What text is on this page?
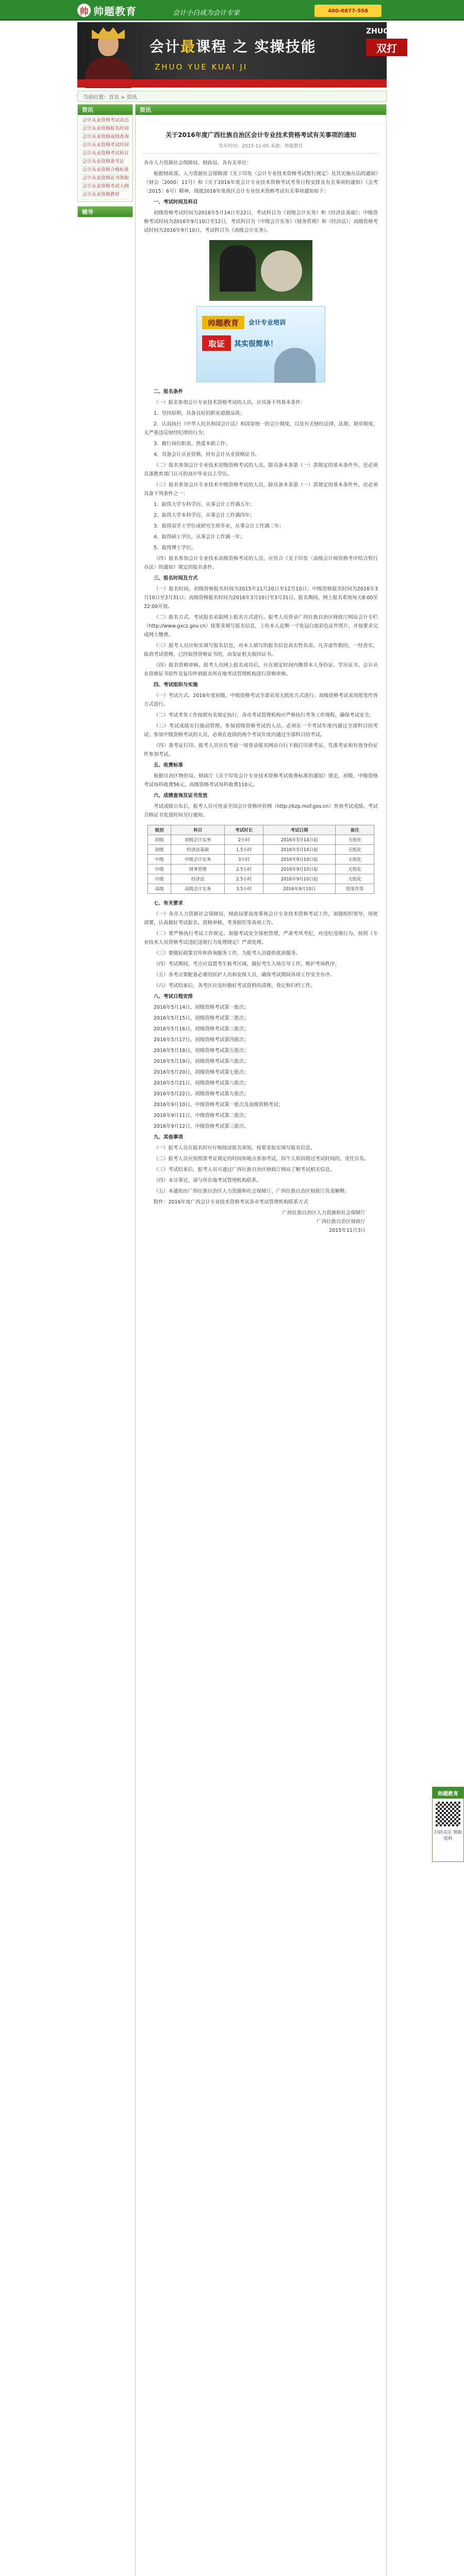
帅 帅题教育	会计小白成为会计专家	400-6877-558
会计最课程 之 实操技能
ZHUO YUE KUAI JI
ZHUO
双打
当前位置：首页 > 资讯
资讯
· 会计从业资格考试动态
· 会计从业资格报名时间
· 会计从业资格成绩查询
· 会计从业资格考试时间
· 会计从业资格考试科目
· 会计从业资格准考证
· 会计从业资格合格标准
· 会计从业资格证书领取
· 会计从业资格考试大纲
· 会计从业资格教材
辅导
资讯
关于2016年度广西壮族自治区会计专业技术资格考试有关事项的通知
发布时间：2015-11-05 来源：帅题教育

各市人力资源社会保障局、财政局，各有关单位：

根据财政部、人力资源社会保障部《关于印发〈会计专业技术资格考试暂行规定〉及其实施办法的通知》（财会〔2000〕11号）和《关于2016年度会计专业技术资格考试考务日程安排及有关事项的通知》（会考〔2015〕6号）精神，现就2016年度我区会计专业技术资格考试有关事项通知如下：

一、考试时间及科目

初级资格考试时间为2016年5月14日至22日，考试科目为《初级会计实务》和《经济法基础》；中级资格考试时间为2016年9月10日至12日，考试科目为《中级会计实务》《财务管理》和《经济法》；高级资格考试时间为2016年9月10日，考试科目为《高级会计实务》。

帅题教育	会计专业培训
取证	其实很简单！

二、报名条件

（一）报名参加会计专业技术资格考试的人员，应具备下列基本条件：

1．坚持原则，具备良好的职业道德品质；

2．认真执行《中华人民共和国会计法》和国家统一的会计制度，以及有关财经法律、法规、规章制度，无严重违反财经纪律的行为；

3．履行岗位职责，热爱本职工作；

4．具备会计从业资格，持有会计从业资格证书。

（二）报名参加会计专业技术初级资格考试的人员，除具备本条第（一）款规定的基本条件外，还必须具备教育部门认可的高中毕业以上学历。

（三）报名参加会计专业技术中级资格考试的人员，除具备本条第（一）款规定的基本条件外，还必须具备下列条件之一：

1．取得大学专科学历，从事会计工作满五年；

2．取得大学本科学历，从事会计工作满四年；

3．取得双学士学位或研究生班毕业，从事会计工作满二年；

4．取得硕士学位，从事会计工作满一年；

5．取得博士学位。

（四）报名参加会计专业技术高级资格考试的人员，应符合《关于印发〈高级会计师资格考评结合暂行办法〉的通知》规定的报名条件。

三、报名时间及方式

（一）报名时间。初级资格报名时间为2015年11月20日至12月10日；中级资格报名时间为2016年3月10日至3月31日；高级资格报名时间为2016年3月10日至3月31日。报名期间，网上报名系统每天8:00至22:00开放。

（二）报名方式。考试报名采取网上报名方式进行。报考人员登录广西壮族自治区财政厅网站会计专栏（http://www.gxcz.gov.cn）按要求填写报名信息，上传本人近期一寸免冠白底彩色证件照片，并按要求完成网上缴费。

（三）报考人员应如实填写报名信息，对本人填写的报名信息真实性负责。凡弄虚作假的，一经查实，取消考试资格，已经取得资格证书的，由发证机关收回证书。

（四）报名资格审核。报考人员网上报名成功后，应在规定时间内携带本人身份证、学历证书、会计从业资格证书原件及复印件到报名所在地考试管理机构进行资格审核。

四、考试组织与实施

（一）考试方式。2016年度初级、中级资格考试全部采用无纸化方式进行；高级资格考试采用纸笔作答方式进行。

（二）考试考务工作按照有关规定执行，各市考试管理机构应严格执行考务工作规程，确保考试安全。

（三）考试成绩实行滚动管理。参加初级资格考试的人员，必须在一个考试年度内通过全部科目的考试；参加中级资格考试的人员，必须在连续的两个考试年度内通过全部科目的考试。

（四）准考证打印。报考人员应在考前一周登录报名网站自行下载打印准考证，凭准考证和有效身份证件参加考试。

五、收费标准

根据自治区物价局、财政厅《关于印发会计专业技术资格考试收费标准的通知》规定，初级、中级资格考试每科收费56元，高级资格考试每科收费110元。

六、成绩查询及证书发放

考试成绩公布后，报考人员可登录全国会计资格评价网（http://kzp.mof.gov.cn）查询考试成绩。考试合格证书发放时间另行通知。

级别	科目	考试时长	考试日期	备注
初级	初级会计实务	2小时	2016年5月14日起	无纸化
初级	经济法基础	1.5小时	2016年5月14日起	无纸化
中级	中级会计实务	3小时	2016年9月10日起	无纸化
中级	财务管理	2.5小时	2016年9月10日起	无纸化
中级	经济法	2.5小时	2016年9月10日起	无纸化
高级	高级会计实务	3.5小时	2016年9月10日	纸笔作答

七、有关要求

（一）各市人力资源社会保障局、财政局要高度重视会计专业技术资格考试工作，加强组织领导，周密部署，认真做好考试报名、资格审核、考务组织等各项工作。

（二）要严格执行考试工作规定，加强考试安全保密管理，严肃考风考纪，对违纪违规行为，按照《专业技术人员资格考试违纪违规行为处理规定》严肃处理。

（三）要做好政策宣传和咨询服务工作，为报考人员提供优质服务。

（四）考试期间，考点应设置考生候考区域，做好考生入场引导工作，维护考场秩序。

（五）各考点要配备必要的医护人员和安保人员，确保考试期间各项工作安全有序。

（六）考试结束后，各考区应及时做好考试资料的清理、登记和归档工作。

八、考试日程安排

2016年5月14日，初级资格考试第一批次；

2016年5月15日，初级资格考试第二批次；

2016年5月16日，初级资格考试第三批次；

2016年5月17日，初级资格考试第四批次；

2016年5月18日，初级资格考试第五批次；

2016年5月19日，初级资格考试第六批次；

2016年5月20日，初级资格考试第七批次；

2016年5月21日，初级资格考试第八批次；

2016年5月22日，初级资格考试第九批次；

2016年9月10日，中级资格考试第一批次及高级资格考试；

2016年9月11日，中级资格考试第二批次；

2016年9月12日，中级资格考试第三批次。

九、其他事项

（一）报考人员在报名时应仔细阅读报名须知，按要求如实填写报名信息。

（二）报考人员应按照准考证规定的时间和地点参加考试，因个人原因错过考试时间的，责任自负。

（三）考试结束后，报考人员可通过广西壮族自治区财政厅网站了解考试相关信息。

（四）未尽事宜，请与所在地考试管理机构联系。

（五）本通知由广西壮族自治区人力资源和社会保障厅、广西壮族自治区财政厅负责解释。

附件：2016年度广西会计专业技术资格考试各市考试管理机构联系方式

广西壮族自治区人力资源和社会保障厅
广西壮族自治区财政厅
2015年11月3日
帅题教育
扫码关注 领取资料
